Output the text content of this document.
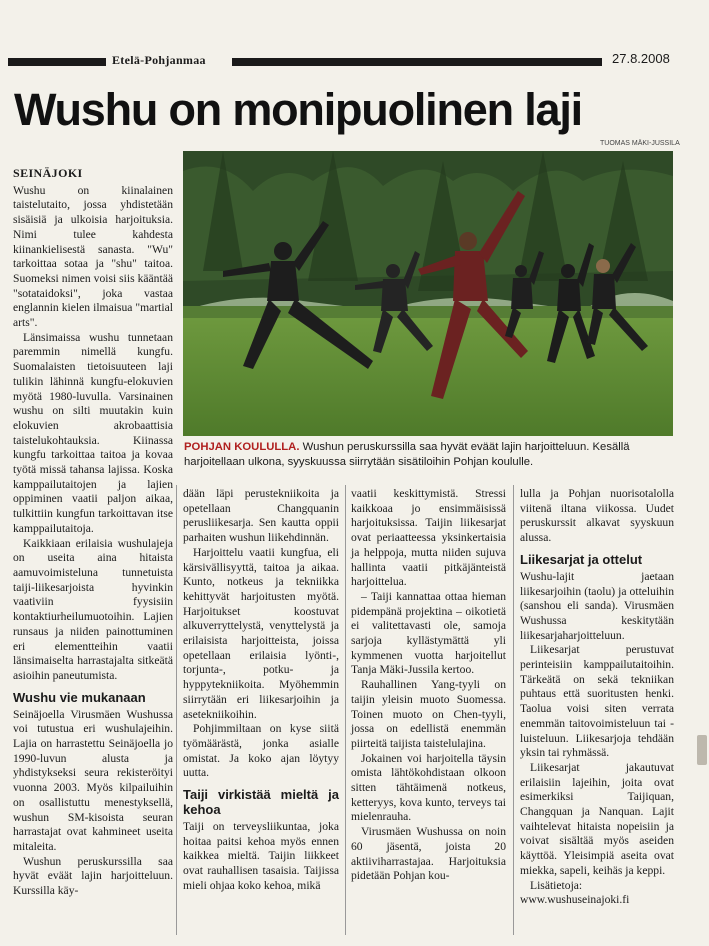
Etelä-Pohjanmaa	27.8.2008
Wushu on monipuolinen laji
TUOMAS MÄKI-JUSSILA
POHJAN KOULULLA. Wushun peruskurssilla saa hyvät eväät lajin harjoitteluun. Kesällä harjoitellaan ulkona, syyskuussa siirrytään sisätiloihin Pohjan koululle.
SEINÄJOKI

Wushu on kiinalainen taistelutaito, jossa yhdistetään sisäisiä ja ulkoisia harjoituksia. Nimi tulee kahdesta kiinankielisestä sanasta. "Wu" tarkoittaa sotaa ja "shu" taitoa. Suomeksi nimen voisi siis kääntää "sotataidoksi", joka vastaa englannin kielen ilmaisua "martial arts".

Länsimaissa wushu tunnetaan paremmin nimellä kungfu. Suomalaisten tietoisuuteen laji tulikin lähinnä kungfu-elokuvien myötä 1980-luvulla. Varsinainen wushu on silti muutakin kuin elokuvien akrobaattisia taistelukohtauksia. Kiinassa kungfu tarkoittaa taitoa ja kovaa työtä missä tahansa lajissa. Koska kamppailutaitojen ja lajien oppiminen vaatii paljon aikaa, tulkittiin kungfun tarkoittavan itse kamppailutaitoja.

Kaikkiaan erilaisia wushulajeja on useita aina hitaista aamuvoimisteluna tunnetuista taiji-liikesarjoista hyvinkin vaativiin fyysisiin kontaktiurheilumuotoihin. Lajien runsaus ja niiden painottuminen eri elementteihin vaatii länsimaiselta harrastajalta sitkeätä asioihin paneutumista.

Wushu vie mukanaan

Seinäjoella Virusmäen Wushussa voi tutustua eri wushulajeihin. Lajia on harrastettu Seinäjoella jo 1990-luvun alusta ja yhdistykseksi seura rekisteröityi vuonna 2003. Myös kilpailuihin on osallistuttu menestyksellä, wushun SM-kisoista seuran harrastajat ovat kahmineet useita mitaleita.

Wushun peruskurssilla saa hyvät eväät lajin harjoitteluun. Kurssilla käy-

dään läpi perustekniikoita ja opetellaan Changquanin perusliikesarja. Sen kautta oppii parhaiten wushun liikehdinnän.

Harjoittelu vaatii kungfua, eli kärsivällisyyttä, taitoa ja aikaa. Kunto, notkeus ja tekniikka kehittyvät harjoitusten myötä. Harjoitukset koostuvat alkuverryttelystä, venyttelystä ja erilaisista harjoitteista, joissa opetellaan erilaisia lyönti-, torjunta-, potku- ja hyppytekniikoita. Myöhemmin siirrytään eri liikesarjoihin ja asetekniikoihin.

Pohjimmiltaan on kyse siitä työmäärästä, jonka asialle omistat. Ja koko ajan löytyy uutta.

Taiji virkistää mieltä ja kehoa

Taiji on terveysliikuntaa, joka hoitaa paitsi kehoa myös ennen kaikkea mieltä. Taijin liikkeet ovat rauhallisen tasaisia. Taijissa mieli ohjaa koko kehoa, mikä

vaatii keskittymistä. Stressi kaikkoaa jo ensimmäisissä harjoituksissa. Taijin liikesarjat ovat periaatteessa yksinkertaisia ja helppoja, mutta niiden sujuva hallinta vaatii pitkäjänteistä harjoittelua.

– Taiji kannattaa ottaa hieman pidempänä projektina – oikotietä ei valitettavasti ole, samoja sarjoja kyllästymättä yli kymmenen vuotta harjoitellut Tanja Mäki-Jussila kertoo.

Rauhallinen Yang-tyyli on taijin yleisin muoto Suomessa. Toinen muoto on Chen-tyyli, jossa on edellistä enemmän piirteitä taijista taistelulajina.

Jokainen voi harjoitella täysin omista lähtökohdistaan olkoon sitten tähtäimenä notkeus, ketteryys, kova kunto, terveys tai mielenrauha.

Virusmäen Wushussa on noin 60 jäsentä, joista 20 aktiiviharrastajaa. Harjoituksia pidetään Pohjan kou-

lulla ja Pohjan nuorisotalolla viitenä iltana viikossa. Uudet peruskurssit alkavat syyskuun alussa.

Liikesarjat ja ottelut

Wushu-lajit jaetaan liikesarjoihin (taolu) ja otteluihin (sanshou eli sanda). Virusmäen Wushussa keskitytään liikesarjaharjoitteluun.

Liikesarjat perustuvat perinteisiin kamppailutaitoihin. Tärkeätä on sekä tekniikan puhtaus että suoritusten henki. Taolua voisi siten verrata enemmän taitovoimisteluun tai -luisteluun. Liikesarjoja tehdään yksin tai ryhmässä.

Liikesarjat jakautuvat erilaisiin lajeihin, joita ovat esimerkiksi Taijiquan, Changquan ja Nanquan. Lajit vaihtelevat hitaista nopeisiin ja voivat sisältää myös aseiden käyttöä. Yleisimpiä aseita ovat miekka, sapeli, keihäs ja keppi.

Lisätietoja: www.wushuseinajoki.fi
